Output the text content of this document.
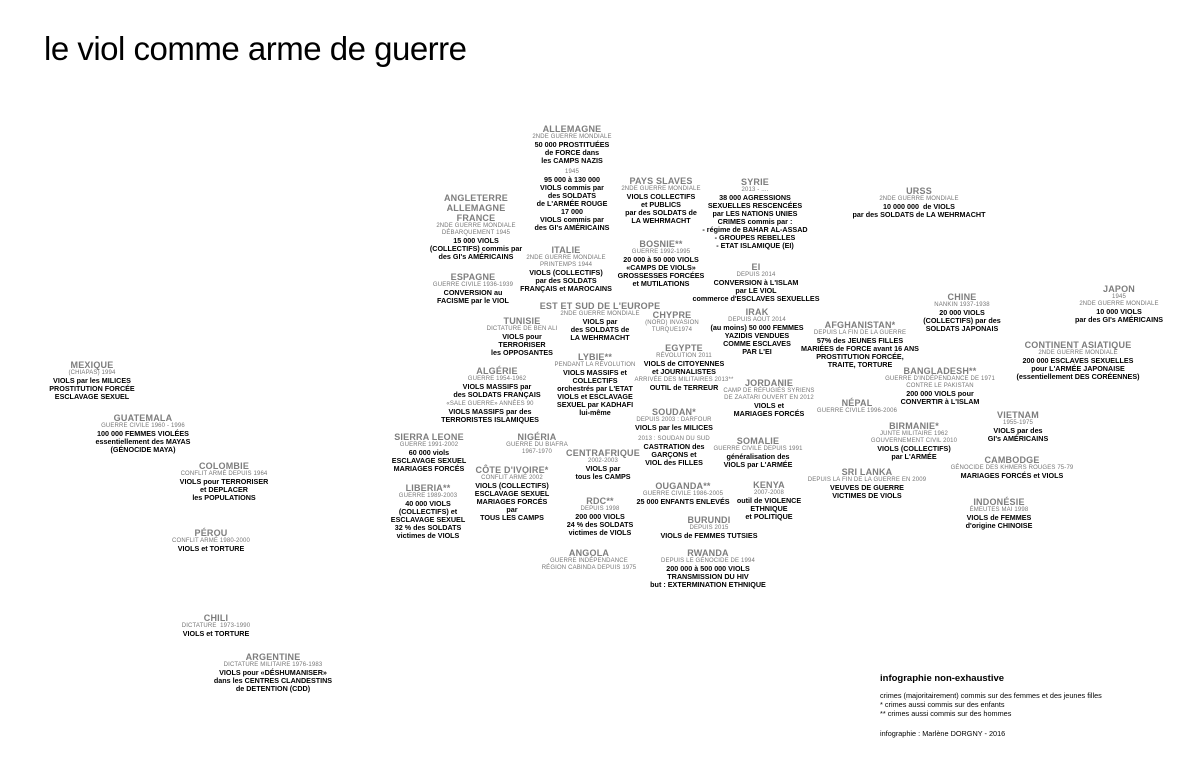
le viol comme arme de guerre
MEXIQUE
(CHIAPAS) 1994
VIOLS par les MILICES
PROSTITUTION FORCÉE
ESCLAVAGE SEXUEL
GUATEMALA
GUERRE CIVILE 1960 - 1996
100 000 FEMMES VIOLÉES
essentiellement des MAYAS
(GÉNOCIDE MAYA)
COLOMBIE
CONFLIT ARMÉ DEPUIS 1964
VIOLS pour TERRORISER
et DEPLACER
les POPULATIONS
PÉROU
CONFLIT ARMÉ 1980-2000
VIOLS et TORTURE
CHILI
DICTATURE  1973-1990
VIOLS et TORTURE
ARGENTINE
DICTATURE MILITAIRE 1976-1983
VIOLS pour «DÉSHUMANISER»
dans les CENTRES CLANDESTINS
de DETENTION (CDD)
ALLEMAGNE
2NDE GUERRE MONDIALE
50 000 PROSTITUÉES
de FORCE dans
les CAMPS NAZIS
1945
95 000 à 130 000
VIOLS commis par
des SOLDATS
de L'ARMÉE ROUGE
17 000
VIOLS commis par
des GI's AMÉRICAINS
ANGLETERRE
ALLEMAGNE
FRANCE
2NDE GUERRE MONDIALE
DÉBARQUEMENT 1945
15 000 VIOLS
(COLLECTIFS) commis par
des GI's AMÉRICAINS
ESPAGNE
GUERRE CIVILE 1936-1939
CONVERSION au
FACISME par le VIOL
ITALIE
2NDE GUERRE MONDIALE
PRINTEMPS 1944
VIOLS (COLLECTIFS)
par des SOLDATS
FRANÇAIS et MAROCAINS
PAYS SLAVES
2NDE GUERRE MONDIALE
VIOLS COLLECTIFS
et PUBLICS
par des SOLDATS de
LA WEHRMACHT
BOSNIE**
GUERRE 1992-1995
20 000 à 50 000 VIOLS
«CAMPS DE VIOLS»
GROSSESSES FORCÉES
et MUTILATIONS
SYRIE
2013 - ....
38 000 AGRESSIONS
SEXUELLES RESCENCÉES
par LES NATIONS UNIES
CRIMES commis par :
- régime de BAHAR AL-ASSAD
- GROUPES REBELLES
- ETAT ISLAMIQUE (EI)
EI
DEPUIS 2014
CONVERSION à L'ISLAM
par LE VIOL
commerce d'ESCLAVES SEXUELLES
URSS
2NDE GUERRE MONDIALE
10 000 000  de VIOLS
par des SOLDATS de LA WEHRMACHT
JAPON
1945
2NDE GUERRE MONDIALE
10 000 VIOLS
par des GI's AMÉRICAINS
TUNISIE
DICTATURE DE BEN ALI
VIOLS pour
TERRORISER
les OPPOSANTES
EST ET SUD DE L'EUROPE
2NDE GUERRE MONDIALE
VIOLS par
des SOLDATS de
LA WEHRMACHT
CHYPRE
(NORD) INVASION
TURQUE1974
IRAK
DEPUIS AOUT 2014
(au moins) 50 000 FEMMES
YAZIDIS VENDUES
COMME ESCLAVES
PAR L'EI
AFGHANISTAN*
DEPUIS LA FIN DE LA GUERRE
57% des JEUNES FILLES
MARIÉES de FORCE avant 16 ANS
PROSTITUTION FORCÉE,
TRAITE, TORTURE
CHINE
NANKIN 1937-1938
20 000 VIOLS
(COLLECTIFS) par des
SOLDATS JAPONAIS
CONTINENT ASIATIQUE
2NDE GUERRE MONDIALE
200 000 ESCLAVES SEXUELLES
pour L'ARMÉE JAPONAISE
(essentiellement DES CORÉENNES)
ALGÉRIE
GUERRE 1954-1962
VIOLS MASSIFS par
des SOLDATS FRANÇAIS
«SALE GUERRE» ANNÉES 90
VIOLS MASSIFS par des
TERRORISTES ISLAMIQUES
LYBIE**
PENDANT LA RÉVOLUTION
VIOLS MASSIFS et
COLLECTIFS
orchestrés par L'ETAT
VIOLS et ESCLAVAGE
SEXUEL par KADHAFI
lui-même
EGYPTE
RÉVOLUTION 2011
VIOLS de CITOYENNES
et JOURNALISTES
ARRIVÉE DES MILITAIRES 2013**
OUTIL de TERREUR	JORDANIE
CAMP DE RÉFUGIÉS SYRIENS
DE ZAATARI OUVERT EN 2012
VIOLS et
MARIAGES FORCÉS
BANGLADESH**
GUERRE D'INDÉPENDANCE DE 1971
CONTRE LE PAKISTAN
200 000 VIOLS pour
CONVERTIR à L'ISLAM
NÉPAL
GUERRE CIVILE 1996-2006
SOUDAN*
DEPUIS 2003 : DARFOUR
VIOLS par les MILICES
2013 : SOUDAN DU SUD
CASTRATION des
GARÇONS et
VIOL des FILLES
BIRMANIE*
JUNTE MILITAIRE 1962
GOUVERNEMENT CIVIL 2010
VIOLS (COLLECTIFS)
par L'ARMÉE
VIETNAM
1955-1975
VIOLS par des
GI's AMÉRICAINS
SIERRA LEONE
GUERRE 1991-2002
60 000 viols
ESCLAVAGE SEXUEL
MARIAGES FORCÉS
NIGÉRIA
GUERRE DU BIAFRA
1967-1970
SOMALIE
GUERRE CIVILE DEPUIS 1991
généralisation des
VIOLS par L'ARMÉE
CENTRAFRIQUE
2002-2003
VIOLS par
tous les CAMPS
CÔTE D'IVOIRE*
CONFLIT ARMÉ 2002
VIOLS (COLLECTIFS)
ESCLAVAGE SEXUEL
MARIAGES FORCÉS
par
TOUS LES CAMPS
SRI LANKA
DEPUIS LA FIN DE LA GUERRE EN 2009
VEUVES DE GUERRE
VICTIMES DE VIOLS
CAMBODGE
GÉNOCIDE DES KHMERS ROUGES 75-79
MARIAGES FORCÉS et VIOLS
LIBERIA**
GUERRE 1989-2003
40 000 VIOLS
(COLLECTIFS) et
ESCLAVAGE SEXUEL
32 % des SOLDATS
victimes de VIOLS
OUGANDA**
GUERRE CIVILE 1986-2005
25 000 ENFANTS ENLEVÉS
KENYA
2007-2008
outil de VIOLENCE
ETHNIQUE
et POLITIQUE
INDONÉSIE
ÉMEUTES MAI 1998
VIOLS de FEMMES
d'origine CHINOISE
RDC**
DEPUIS 1998
200 000 VIOLS
24 % des SOLDATS
victimes de VIOLS
BURUNDI
DEPUIS 2015
VIOLS de FEMMES TUTSIES
ANGOLA
GUERRE INDÉPENDANCE
RÉGION CABINDA DEPUIS 1975
RWANDA
DEPUIS LE GÉNOCIDE DE 1994
200 000 à 500 000 VIOLS
TRANSMISSION DU HIV
but : EXTERMINATION ETHNIQUE
infographie non-exhaustive
crimes (majoritairement) commis sur des femmes et des jeunes filles
* crimes aussi commis sur des enfants
** crimes aussi commis sur des hommes
infographie : Marlène DORGNY - 2016
